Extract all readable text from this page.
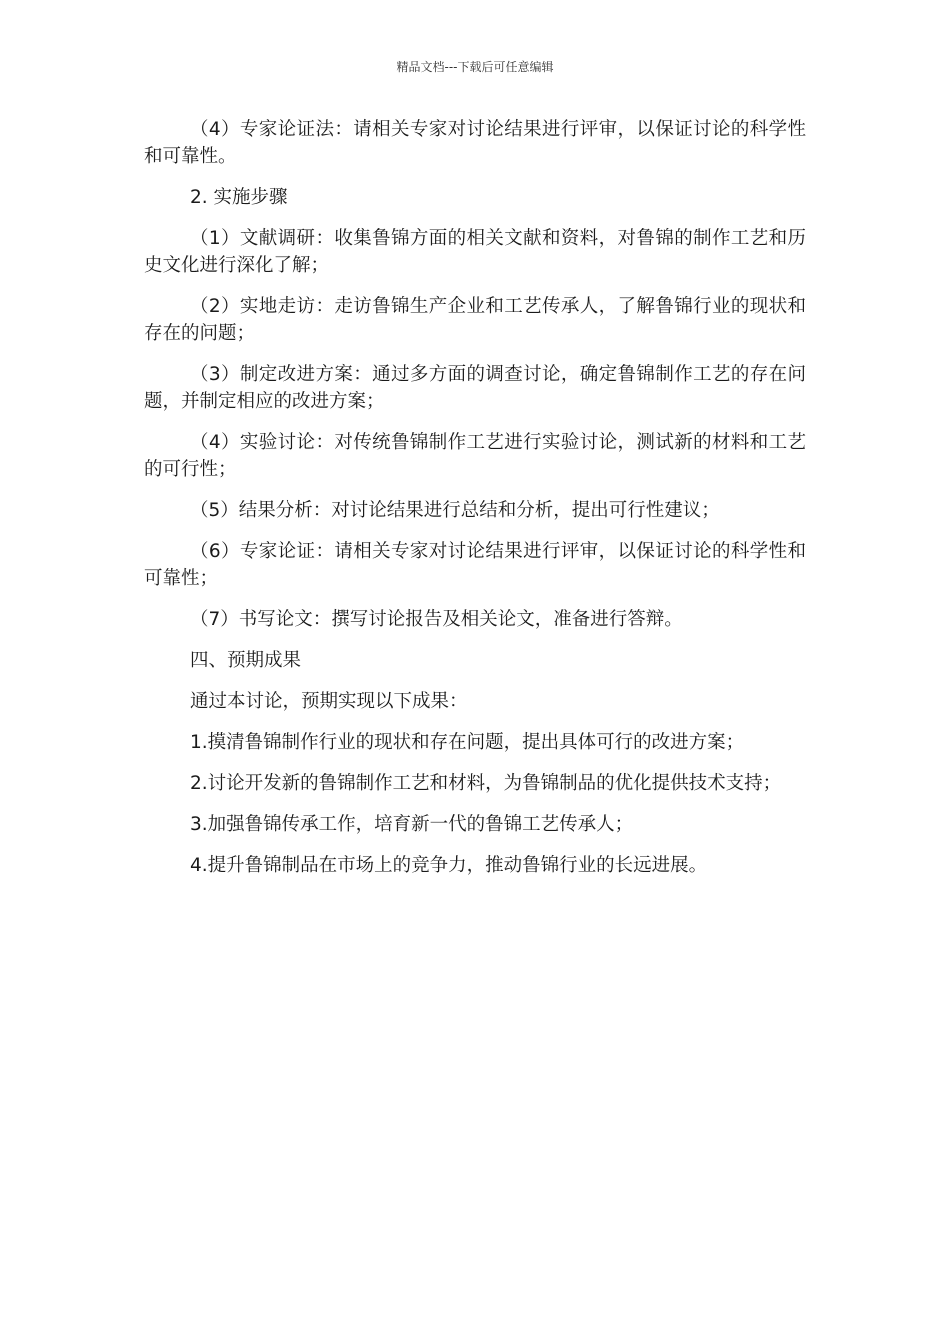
精品文档---下载后可任意编辑

（4）专家论证法：请相关专家对讨论结果进行评审，以保证讨论的科学性和可靠性。

2. 实施步骤

（1）文献调研：收集鲁锦方面的相关文献和资料，对鲁锦的制作工艺和历史文化进行深化了解；

（2）实地走访：走访鲁锦生产企业和工艺传承人，了解鲁锦行业的现状和存在的问题；

（3）制定改进方案：通过多方面的调查讨论，确定鲁锦制作工艺的存在问题，并制定相应的改进方案；

（4）实验讨论：对传统鲁锦制作工艺进行实验讨论，测试新的材料和工艺的可行性；

（5）结果分析：对讨论结果进行总结和分析，提出可行性建议；

（6）专家论证：请相关专家对讨论结果进行评审，以保证讨论的科学性和可靠性；

（7）书写论文：撰写讨论报告及相关论文，准备进行答辩。

四、预期成果

通过本讨论，预期实现以下成果：

1.摸清鲁锦制作行业的现状和存在问题，提出具体可行的改进方案；

2.讨论开发新的鲁锦制作工艺和材料，为鲁锦制品的优化提供技术支持；

3.加强鲁锦传承工作，培育新一代的鲁锦工艺传承人；

4.提升鲁锦制品在市场上的竞争力，推动鲁锦行业的长远进展。
